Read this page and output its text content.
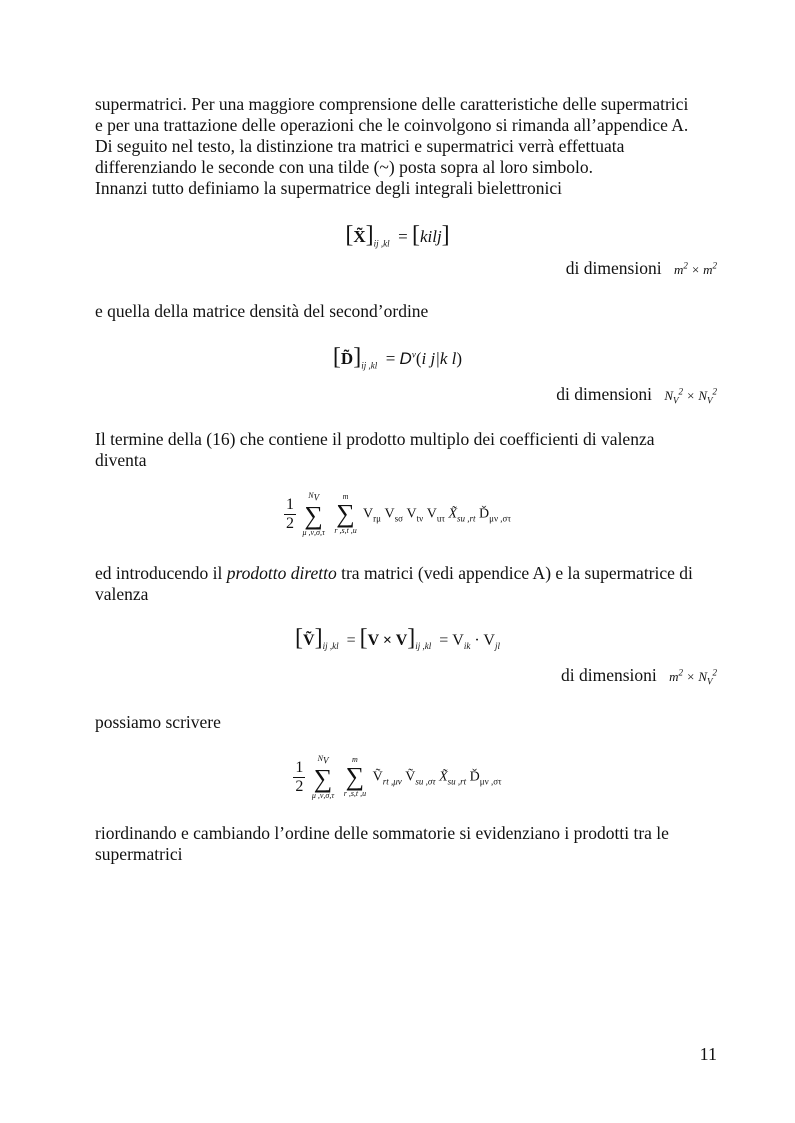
supermatrici. Per una maggiore comprensione delle caratteristiche delle supermatrici
e per una trattazione delle operazioni che le coinvolgono si rimanda all’appendice A.
Di seguito nel testo, la distinzione tra matrici e supermatrici verrà effettuata
differenziando le seconde con una tilde (~) posta sopra al loro simbolo.
Innanzi tutto definiamo la supermatrice degli integrali bielettronici
$[X̃]_{ij ,kl}$  = [kilj]
di dimensioni $m^2 \times m^2$
e quella della matrice densità del second’ordine
$[D̃]_{ij ,kl} = D^v(i$ j|k l)
di dimensioni $N_V^2 \times N_V^2$
Il termine della (16) che contiene il prodotto multiplo dei coefficienti di valenza
diventa
$\frac{1}{2}$

$N_V$
∑
μ ,ν,σ,τ

m
∑
r ,s,t ,u
$V_{r\mu}$ $V_{s\sigma}$ $V_{t\nu}$ $V_{u\tau}$ $X̃_{su ,rt}$ $Ď_{\mu\nu ,\sigma\tau}$
ed introducendo il prodotto diretto tra matrici (vedi appendice A) e la supermatrice di
valenza
$[Ṽ]_{ij ,kl} = [V \times V]_{ij ,kl} = V_{ik} \cdot V_{jl}$
di dimensioni $m^2 \times N_V^2$
possiamo scrivere
$\frac{1}{2}$

$N_V$
∑
μ ,ν,σ,τ

m
∑
r ,s,t ,u
Ṽ$_{rt ,\mu\nu}$ Ṽ$_{su ,\sigma\tau}$ $X̃_{su ,rt}$ $Ď_{\mu\nu ,\sigma\tau}$
riordinando e cambiando l’ordine delle sommatorie si evidenziano i prodotti tra le
supermatrici
11
